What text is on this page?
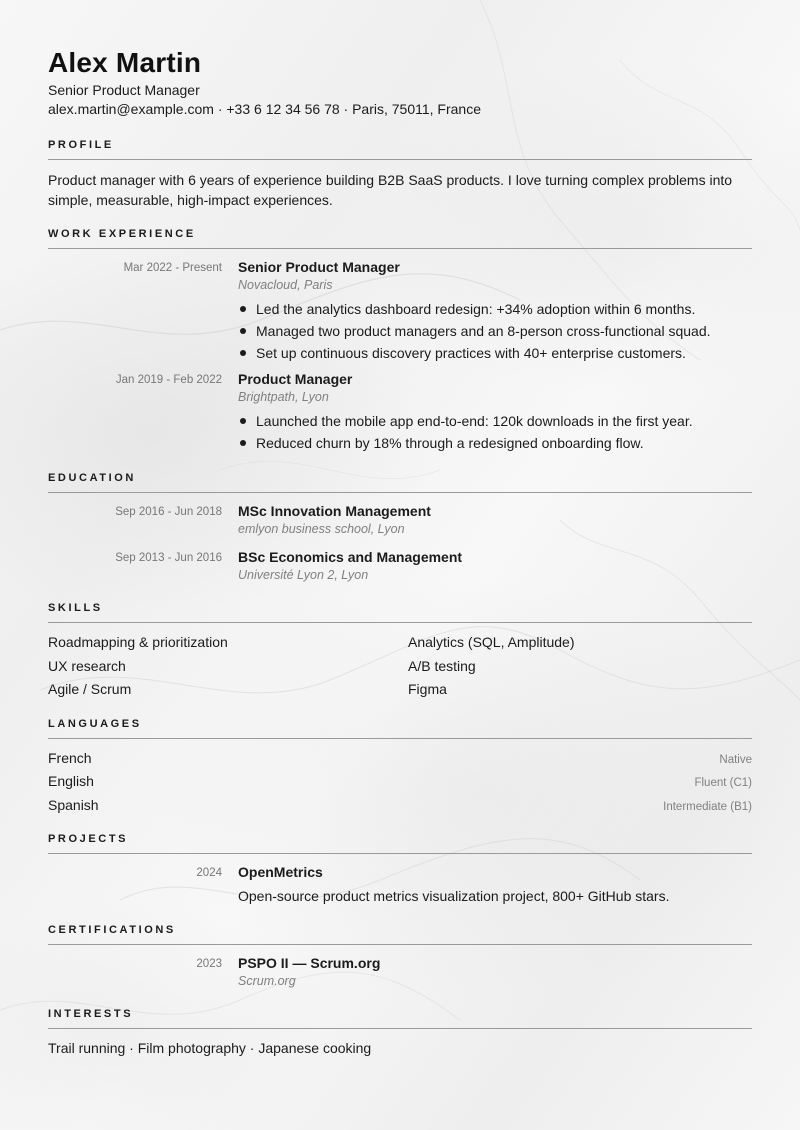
Alex Martin
Senior Product Manager
alex.martin@example.com · +33 6 12 34 56 78 · Paris, 75011, France
PROFILE
Product manager with 6 years of experience building B2B SaaS products. I love turning complex problems into simple, measurable, high-impact experiences.
WORK EXPERIENCE
Mar 2022 - Present Senior Product Manager
Novacloud, Paris
Led the analytics dashboard redesign: +34% adoption within 6 months.
Managed two product managers and an 8-person cross-functional squad.
Set up continuous discovery practices with 40+ enterprise customers.
Jan 2019 - Feb 2022 Product Manager
Brightpath, Lyon
Launched the mobile app end-to-end: 120k downloads in the first year.
Reduced churn by 18% through a redesigned onboarding flow.
EDUCATION
Sep 2016 - Jun 2018 MSc Innovation Management
emlyon business school, Lyon
Sep 2013 - Jun 2016 BSc Economics and Management
Université Lyon 2, Lyon
SKILLS
Roadmapping & prioritization	Analytics (SQL, Amplitude)
UX research	A/B testing
Agile / Scrum	Figma
LANGUAGES
French	Native
English	Fluent (C1)
Spanish	Intermediate (B1)
PROJECTS
2024 OpenMetrics
Open-source product metrics visualization project, 800+ GitHub stars.
CERTIFICATIONS
2023 PSPO II — Scrum.org
Scrum.org
INTERESTS
Trail running · Film photography · Japanese cooking
